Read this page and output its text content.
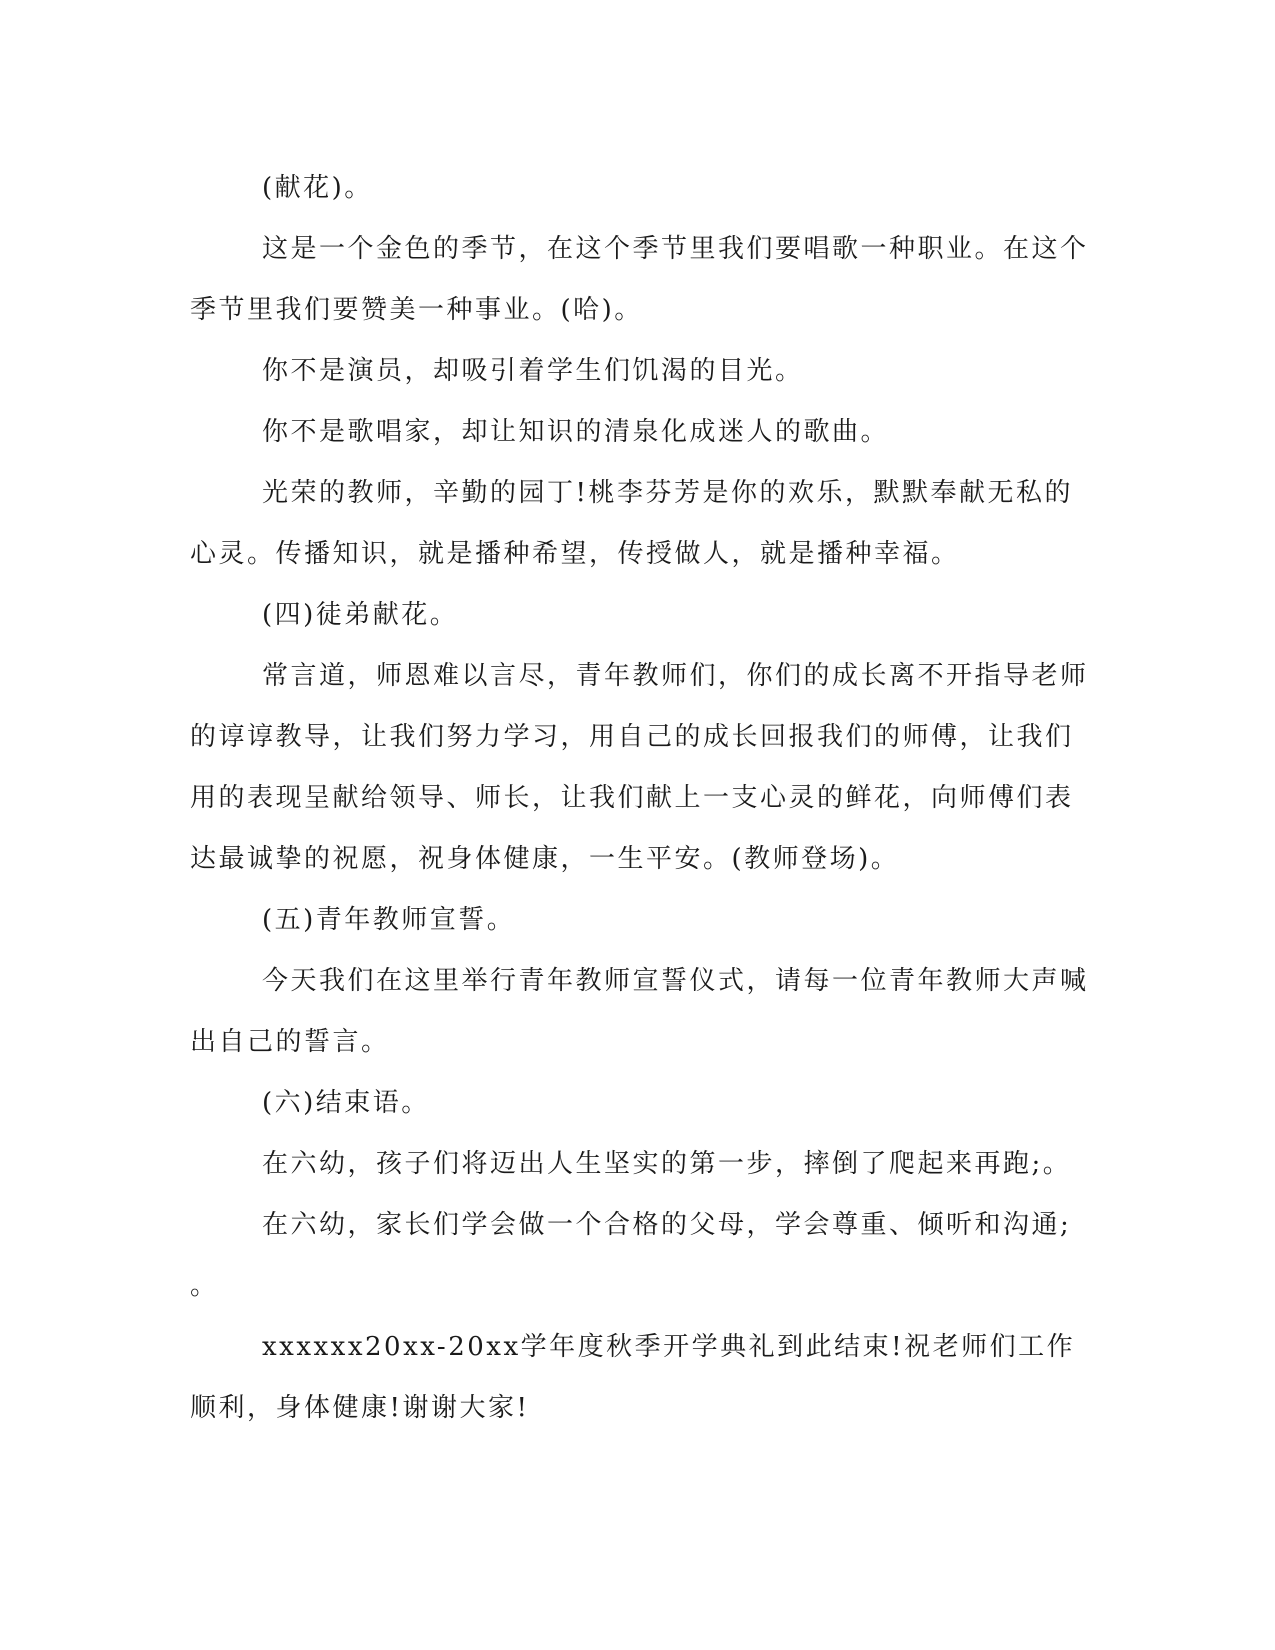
(献花)。

这是一个金色的季节，在这个季节里我们要唱歌一种职业。在这个季节里我们要赞美一种事业。(哈)。

你不是演员，却吸引着学生们饥渴的目光。

你不是歌唱家，却让知识的清泉化成迷人的歌曲。

光荣的教师，辛勤的园丁!桃李芬芳是你的欢乐，默默奉献无私的心灵。传播知识，就是播种希望，传授做人，就是播种幸福。

(四)徒弟献花。

常言道，师恩难以言尽，青年教师们，你们的成长离不开指导老师的谆谆教导，让我们努力学习，用自己的成长回报我们的师傅，让我们用的表现呈献给领导、师长，让我们献上一支心灵的鲜花，向师傅们表达最诚挚的祝愿，祝身体健康，一生平安。(教师登场)。

(五)青年教师宣誓。

今天我们在这里举行青年教师宣誓仪式，请每一位青年教师大声喊出自己的誓言。

(六)结束语。

在六幼，孩子们将迈出人生坚实的第一步，摔倒了爬起来再跑;。

在六幼，家长们学会做一个合格的父母，学会尊重、倾听和沟通;

。

xxxxxx20xx-20xx学年度秋季开学典礼到此结束!祝老师们工作顺利，身体健康!谢谢大家!
